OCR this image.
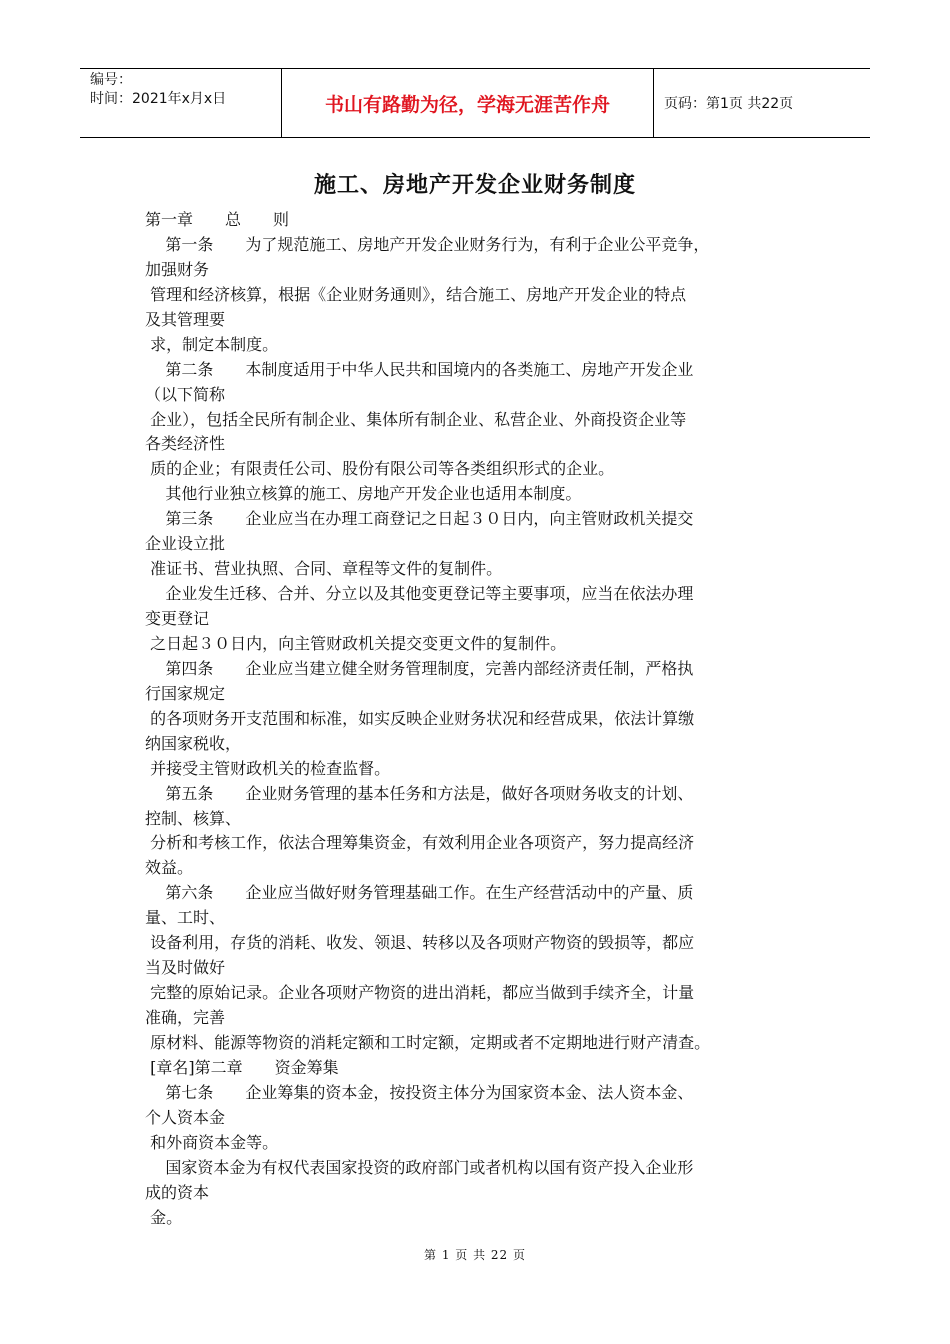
编号：
时间：2021年x月x日	书山有路勤为径，学海无涯苦作舟	页码：第1页 共22页
施工、房地产开发企业财务制度
第一章　　总　　则
第一条　　为了规范施工、房地产开发企业财务行为，有利于企业公平竞争，
加强财务
管理和经济核算，根据《企业财务通则》，结合施工、房地产开发企业的特点
及其管理要
求，制定本制度。
第二条　　本制度适用于中华人民共和国境内的各类施工、房地产开发企业
（以下简称
企业），包括全民所有制企业、集体所有制企业、私营企业、外商投资企业等
各类经济性
质的企业；有限责任公司、股份有限公司等各类组织形式的企业。
其他行业独立核算的施工、房地产开发企业也适用本制度。
第三条　　企业应当在办理工商登记之日起３０日内，向主管财政机关提交
企业设立批
准证书、营业执照、合同、章程等文件的复制件。
企业发生迁移、合并、分立以及其他变更登记等主要事项，应当在依法办理
变更登记
之日起３０日内，向主管财政机关提交变更文件的复制件。
第四条　　企业应当建立健全财务管理制度，完善内部经济责任制，严格执
行国家规定
的各项财务开支范围和标准，如实反映企业财务状况和经营成果，依法计算缴
纳国家税收，
并接受主管财政机关的检查监督。
第五条　　企业财务管理的基本任务和方法是，做好各项财务收支的计划、
控制、核算、
分析和考核工作，依法合理筹集资金，有效利用企业各项资产，努力提高经济
效益。
第六条　　企业应当做好财务管理基础工作。在生产经营活动中的产量、质
量、工时、
设备利用，存货的消耗、收发、领退、转移以及各项财产物资的毁损等，都应
当及时做好
完整的原始记录。企业各项财产物资的进出消耗，都应当做到手续齐全，计量
准确，完善
原材料、能源等物资的消耗定额和工时定额，定期或者不定期地进行财产清查。
[章名]第二章　　资金筹集
第七条　　企业筹集的资本金，按投资主体分为国家资本金、法人资本金、
个人资本金
和外商资本金等。
国家资本金为有权代表国家投资的政府部门或者机构以国有资产投入企业形
成的资本
金。
第 1 页 共 22 页
